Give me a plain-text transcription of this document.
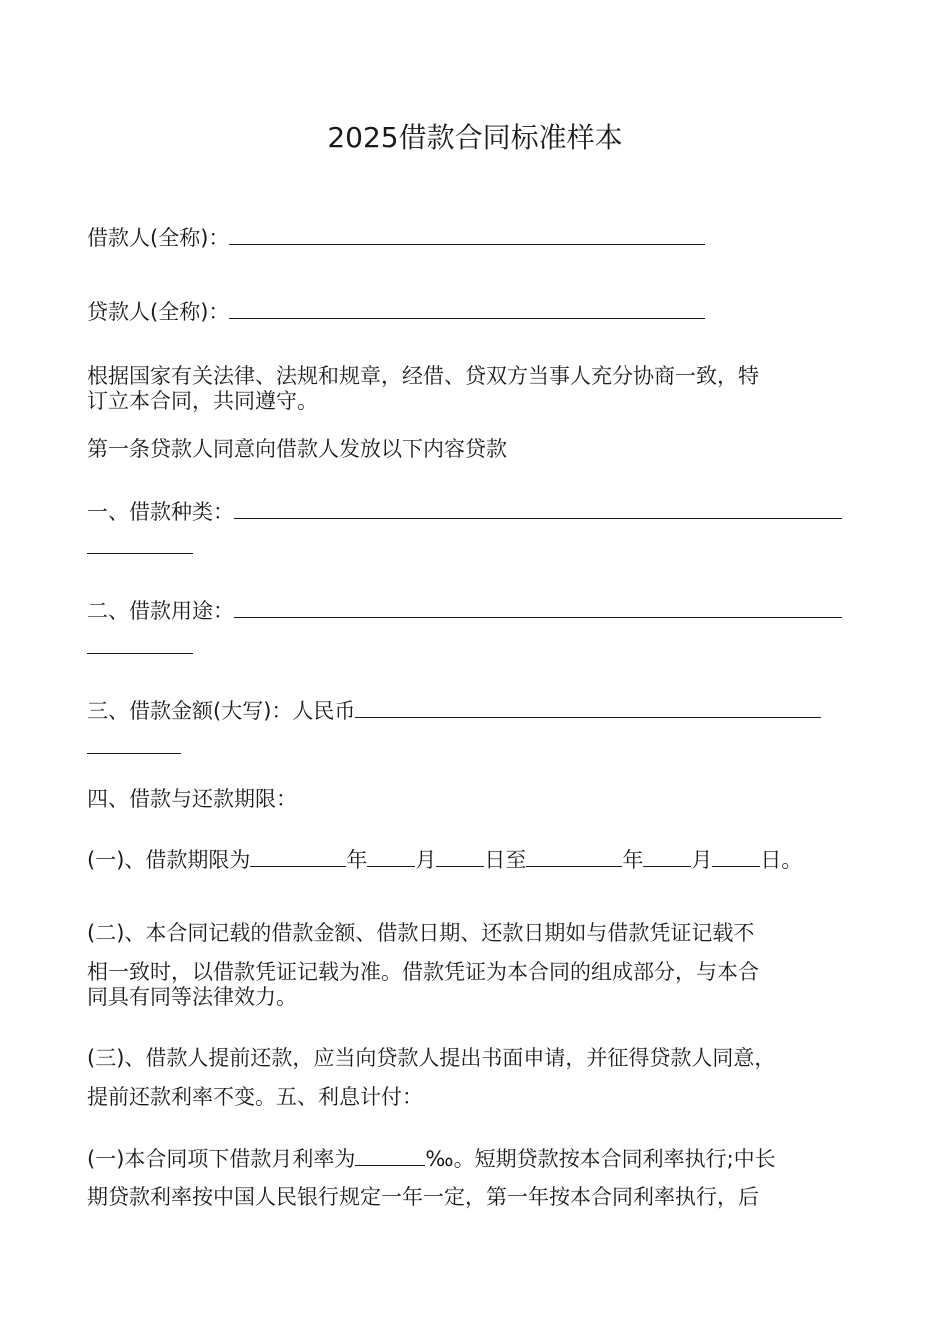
2025借款合同标准样本
借款人(全称)：
贷款人(全称)：
根据国家有关法律、法规和规章，经借、贷双方当事人充分协商一致，特
订立本合同，共同遵守。
第一条贷款人同意向借款人发放以下内容贷款
一、借款种类：
二、借款用途：
三、借款金额(大写)：人民币
四、借款与还款期限：
(一)、借款期限为	年 月 日至	年 月 日。
(二)、本合同记载的借款金额、借款日期、还款日期如与借款凭证记载不
相一致时，以借款凭证记载为准。借款凭证为本合同的组成部分，与本合
同具有同等法律效力。
(三)、借款人提前还款，应当向贷款人提出书面申请，并征得贷款人同意，
提前还款利率不变。五、利息计付：
(一)本合同项下借款月利率为	‰。短期贷款按本合同利率执行;中长
期贷款利率按中国人民银行规定一年一定，第一年按本合同利率执行，后
